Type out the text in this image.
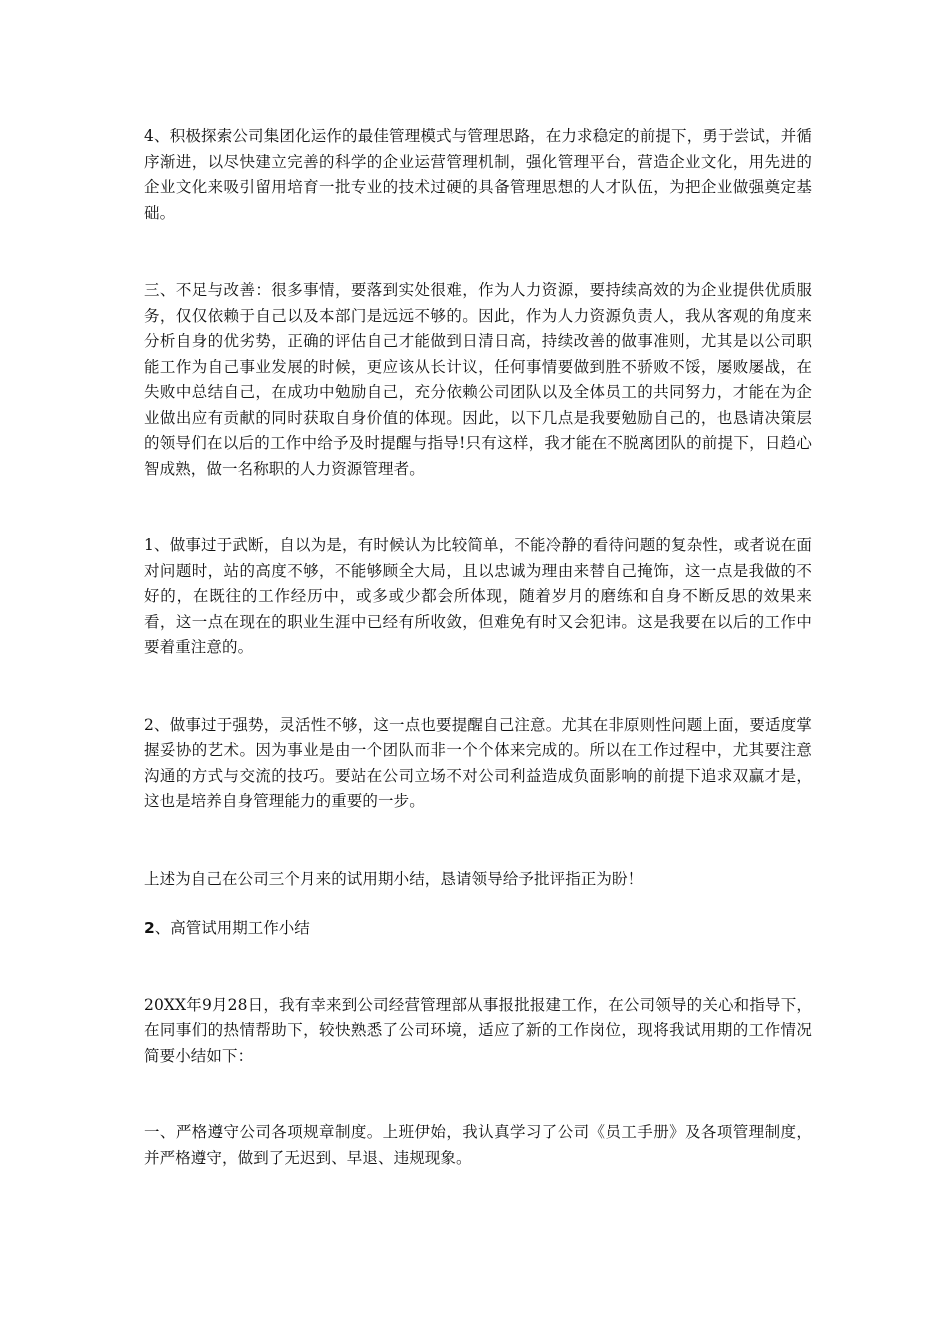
4、积极探索公司集团化运作的最佳管理模式与管理思路，在力求稳定的前提下，勇于尝试，并循序渐进，以尽快建立完善的科学的企业运营管理机制，强化管理平台，营造企业文化，用先进的企业文化来吸引留用培育一批专业的技术过硬的具备管理思想的人才队伍，为把企业做强奠定基础。

三、不足与改善：很多事情，要落到实处很难，作为人力资源，要持续高效的为企业提供优质服务，仅仅依赖于自己以及本部门是远远不够的。因此，作为人力资源负责人，我从客观的角度来分析自身的优劣势，正确的评估自己才能做到日清日高，持续改善的做事准则，尤其是以公司职能工作为自己事业发展的时候，更应该从长计议，任何事情要做到胜不骄败不馁，屡败屡战，在失败中总结自己，在成功中勉励自己，充分依赖公司团队以及全体员工的共同努力，才能在为企业做出应有贡献的同时获取自身价值的体现。因此，以下几点是我要勉励自己的，也恳请决策层的领导们在以后的工作中给予及时提醒与指导!只有这样，我才能在不脱离团队的前提下，日趋心智成熟，做一名称职的人力资源管理者。

1、做事过于武断，自以为是，有时候认为比较简单，不能冷静的看待问题的复杂性，或者说在面对问题时，站的高度不够，不能够顾全大局，且以忠诚为理由来替自己掩饰，这一点是我做的不好的，在既往的工作经历中，或多或少都会所体现，随着岁月的磨练和自身不断反思的效果来看，这一点在现在的职业生涯中已经有所收敛，但难免有时又会犯讳。这是我要在以后的工作中要着重注意的。

2、做事过于强势，灵活性不够，这一点也要提醒自己注意。尤其在非原则性问题上面，要适度掌握妥协的艺术。因为事业是由一个团队而非一个个体来完成的。所以在工作过程中，尤其要注意沟通的方式与交流的技巧。要站在公司立场不对公司利益造成负面影响的前提下追求双赢才是，这也是培养自身管理能力的重要的一步。

上述为自己在公司三个月来的试用期小结，恳请领导给予批评指正为盼！

2、高管试用期工作小结

20XX年9月28日，我有幸来到公司经营管理部从事报批报建工作，在公司领导的关心和指导下，在同事们的热情帮助下，较快熟悉了公司环境，适应了新的工作岗位，现将我试用期的工作情况简要小结如下：

一、严格遵守公司各项规章制度。上班伊始，我认真学习了公司《员工手册》及各项管理制度，并严格遵守，做到了无迟到、早退、违规现象。
